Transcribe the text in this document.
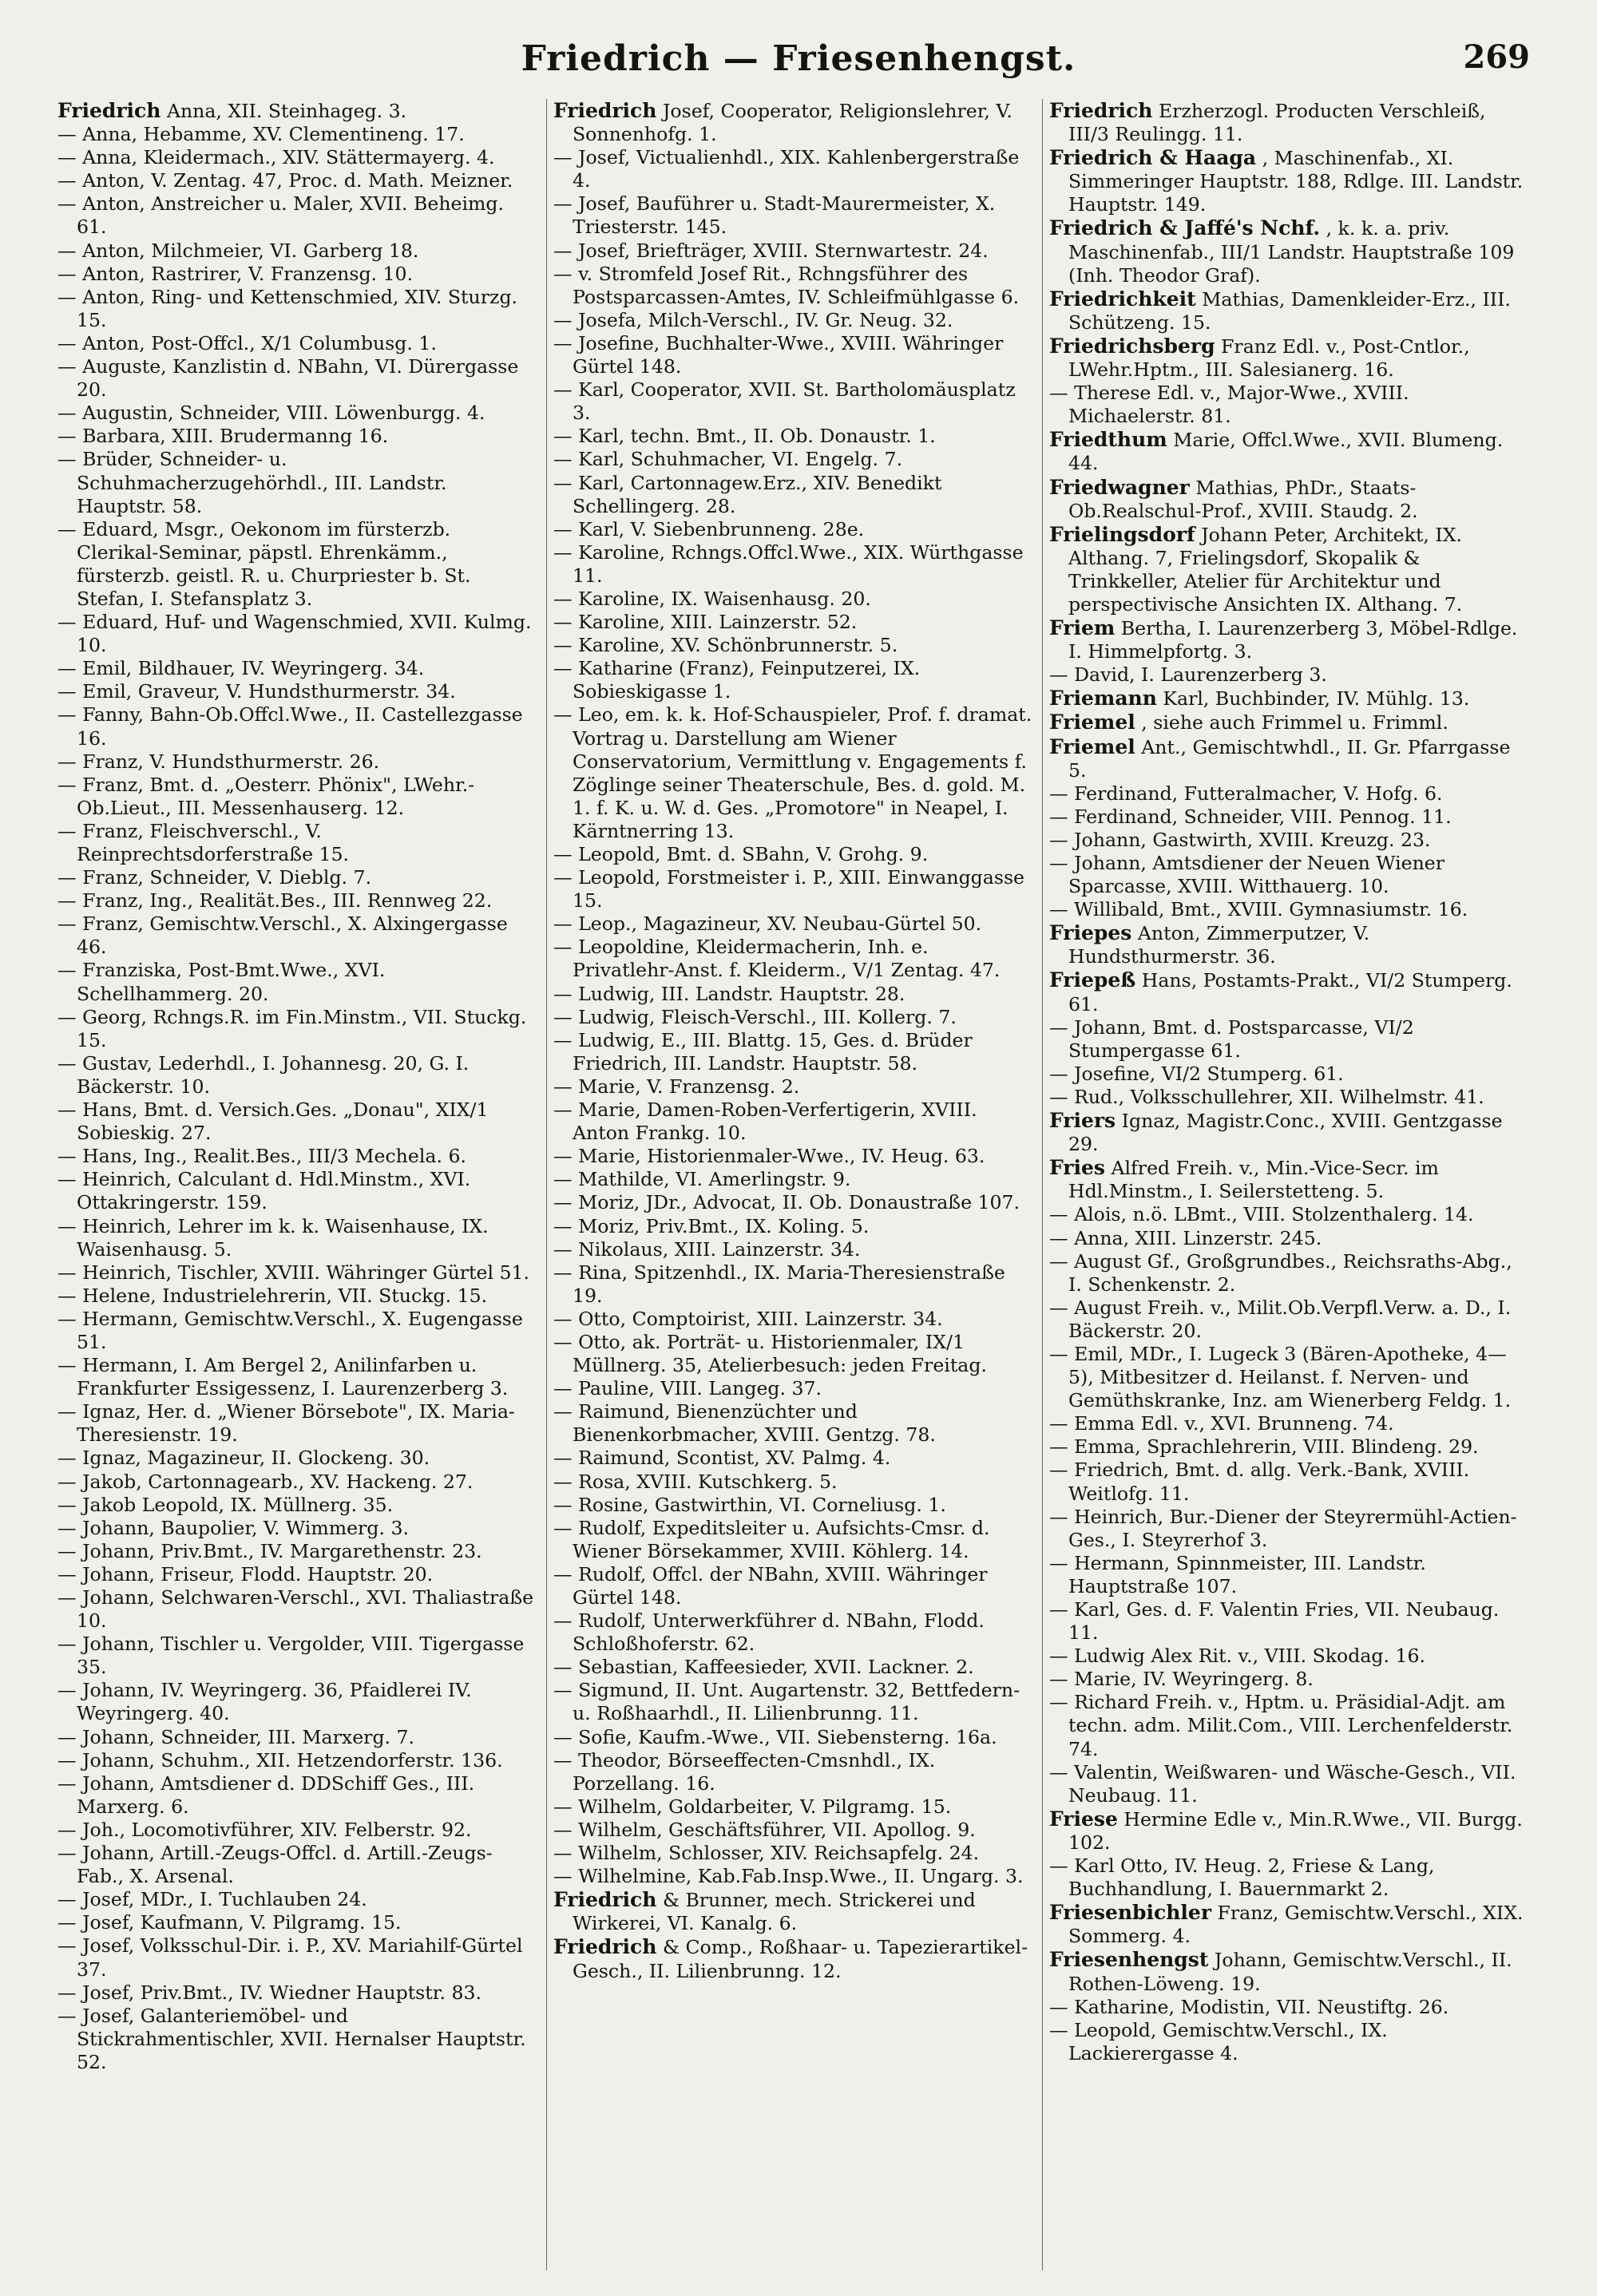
Friedrich — Friesenhengst.	269
Friedrich Anna, XII. Steinhageg. 3.
— Anna, Hebamme, XV. Clementineng. 17.
— Anna, Kleidermach., XIV. Stättermayerg. 4.
— Anton, V. Zentag. 47, Proc. d. Math. Meizner.
— Anton, Anstreicher u. Maler, XVII. Beheimg. 61.
— Anton, Milchmeier, VI. Garberg 18.
— Anton, Rastrirer, V. Franzensg. 10.
— Anton, Ring- und Kettenschmied, XIV. Sturzg. 15.
— Anton, Post-Offcl., X/1 Columbusg. 1.
— Auguste, Kanzlistin d. NBahn, VI. Dürergasse 20.
— Augustin, Schneider, VIII. Löwenburgg. 4.
— Barbara, XIII. Brudermanng 16.
— Brüder, Schneider- u. Schuhmacherzugehörhdl., III. Landstr. Hauptstr. 58.
— Eduard, Msgr., Oekonom im fürsterzb. Clerikal-Seminar, päpstl. Ehrenkämm., fürsterzb. geistl. R. u. Churpriester b. St. Stefan, I. Stefansplatz 3.
— Eduard, Huf- und Wagenschmied, XVII. Kulmg. 10.
— Emil, Bildhauer, IV. Weyringerg. 34.
— Emil, Graveur, V. Hundsthurmerstr. 34.
— Fanny, Bahn-Ob.Offcl.Wwe., II. Castellezgasse 16.
— Franz, V. Hundsthurmerstr. 26.
— Franz, Bmt. d. „Oesterr. Phönix", LWehr.-Ob.Lieut., III. Messenhauserg. 12.
— Franz, Fleischverschl., V. Reinprechtsdorferstraße 15.
— Franz, Schneider, V. Dieblg. 7.
— Franz, Ing., Realität.Bes., III. Rennweg 22.
— Franz, Gemischtw.Verschl., X. Alxingergasse 46.
— Franziska, Post-Bmt.Wwe., XVI. Schellhammerg. 20.
— Georg, Rchngs.R. im Fin.Minstm., VII. Stuckg. 15.
— Gustav, Lederhdl., I. Johannesg. 20, G. I. Bäckerstr. 10.
— Hans, Bmt. d. Versich.Ges. „Donau", XIX/1 Sobieskig. 27.
— Hans, Ing., Realit.Bes., III/3 Mechela. 6.
— Heinrich, Calculant d. Hdl.Minstm., XVI. Ottakringerstr. 159.
— Heinrich, Lehrer im k. k. Waisenhause, IX. Waisenhausg. 5.
— Heinrich, Tischler, XVIII. Währinger Gürtel 51.
— Helene, Industrielehrerin, VII. Stuckg. 15.
— Hermann, Gemischtw.Verschl., X. Eugengasse 51.
— Hermann, I. Am Bergel 2, Anilinfarben u. Frankfurter Essigessenz, I. Laurenzerberg 3.
— Ignaz, Her. d. „Wiener Börsebote", IX. Maria-Theresienstr. 19.
— Ignaz, Magazineur, II. Glockeng. 30.
— Jakob, Cartonnagearb., XV. Hackeng. 27.
— Jakob Leopold, IX. Müllnerg. 35.
— Johann, Baupolier, V. Wimmerg. 3.
— Johann, Priv.Bmt., IV. Margarethenstr. 23.
— Johann, Friseur, Flodd. Hauptstr. 20.
— Johann, Selchwaren-Verschl., XVI. Thaliastraße 10.
— Johann, Tischler u. Vergolder, VIII. Tigergasse 35.
— Johann, IV. Weyringerg. 36, Pfaidlerei IV. Weyringerg. 40.
— Johann, Schneider, III. Marxerg. 7.
— Johann, Schuhm., XII. Hetzendorferstr. 136.
— Johann, Amtsdiener d. DDSchiff Ges., III. Marxerg. 6.
— Joh., Locomotivführer, XIV. Felberstr. 92.
— Johann, Artill.-Zeugs-Offcl. d. Artill.-Zeugs-Fab., X. Arsenal.
— Josef, MDr., I. Tuchlauben 24.
— Josef, Kaufmann, V. Pilgramg. 15.
— Josef, Volksschul-Dir. i. P., XV. Mariahilf-Gürtel 37.
— Josef, Priv.Bmt., IV. Wiedner Hauptstr. 83.
— Josef, Galanteriemöbel- und Stickrahmentischler, XVII. Hernalser Hauptstr. 52.
Friedrich Josef, Cooperator, Religionslehrer, V. Sonnenhofg. 1.
— Josef, Victualienhdl., XIX. Kahlenbergerstraße 4.
— Josef, Bauführer u. Stadt-Maurermeister, X. Triesterstr. 145.
— Josef, Briefträger, XVIII. Sternwartestr. 24.
— v. Stromfeld Josef Rit., Rchngsführer des Postsparcassen-Amtes, IV. Schleifmühlgasse 6.
— Josefa, Milch-Verschl., IV. Gr. Neug. 32.
— Josefine, Buchhalter-Wwe., XVIII. Währinger Gürtel 148.
— Karl, Cooperator, XVII. St. Bartholomäusplatz 3.
— Karl, techn. Bmt., II. Ob. Donaustr. 1.
— Karl, Schuhmacher, VI. Engelg. 7.
— Karl, Cartonnagew.Erz., XIV. Benedikt Schellingerg. 28.
— Karl, V. Siebenbrunneng. 28e.
— Karoline, Rchngs.Offcl.Wwe., XIX. Würthgasse 11.
— Karoline, IX. Waisenhausg. 20.
— Karoline, XIII. Lainzerstr. 52.
— Karoline, XV. Schönbrunnerstr. 5.
— Katharine (Franz), Feinputzerei, IX. Sobieskigasse 1.
— Leo, em. k. k. Hof-Schauspieler, Prof. f. dramat. Vortrag u. Darstellung am Wiener Conservatorium, Vermittlung v. Engagements f. Zöglinge seiner Theaterschule, Bes. d. gold. M. 1. f. K. u. W. d. Ges. „Promotore" in Neapel, I. Kärntnerring 13.
— Leopold, Bmt. d. SBahn, V. Grohg. 9.
— Leopold, Forstmeister i. P., XIII. Einwanggasse 15.
— Leop., Magazineur, XV. Neubau-Gürtel 50.
— Leopoldine, Kleidermacherin, Inh. e. Privatlehr-Anst. f. Kleiderm., V/1 Zentag. 47.
— Ludwig, III. Landstr. Hauptstr. 28.
— Ludwig, Fleisch-Verschl., III. Kollerg. 7.
— Ludwig, E., III. Blattg. 15, Ges. d. Brüder Friedrich, III. Landstr. Hauptstr. 58.
— Marie, V. Franzensg. 2.
— Marie, Damen-Roben-Verfertigerin, XVIII. Anton Frankg. 10.
— Marie, Historienmaler-Wwe., IV. Heug. 63.
— Mathilde, VI. Amerlingstr. 9.
— Moriz, JDr., Advocat, II. Ob. Donaustraße 107.
— Moriz, Priv.Bmt., IX. Koling. 5.
— Nikolaus, XIII. Lainzerstr. 34.
— Rina, Spitzenhdl., IX. Maria-Theresienstraße 19.
— Otto, Comptoirist, XIII. Lainzerstr. 34.
— Otto, ak. Porträt- u. Historienmaler, IX/1 Müllnerg. 35, Atelierbesuch: jeden Freitag.
— Pauline, VIII. Langeg. 37.
— Raimund, Bienenzüchter und Bienenkorbmacher, XVIII. Gentzg. 78.
— Raimund, Scontist, XV. Palmg. 4.
— Rosa, XVIII. Kutschkerg. 5.
— Rosine, Gastwirthin, VI. Corneliusg. 1.
— Rudolf, Expeditsleiter u. Aufsichts-Cmsr. d. Wiener Börsekammer, XVIII. Köhlerg. 14.
— Rudolf, Offcl. der NBahn, XVIII. Währinger Gürtel 148.
— Rudolf, Unterwerkführer d. NBahn, Flodd. Schloßhoferstr. 62.
— Sebastian, Kaffeesieder, XVII. Lackner. 2.
— Sigmund, II. Unt. Augartenstr. 32, Bettfedern- u. Roßhaarhdl., II. Lilienbrunng. 11.
— Sofie, Kaufm.-Wwe., VII. Siebensterng. 16a.
— Theodor, Börseeffecten-Cmsnhdl., IX. Porzellang. 16.
— Wilhelm, Goldarbeiter, V. Pilgramg. 15.
— Wilhelm, Geschäftsführer, VII. Apollog. 9.
— Wilhelm, Schlosser, XIV. Reichsapfelg. 24.
— Wilhelmine, Kab.Fab.Insp.Wwe., II. Ungarg. 3.
Friedrich & Brunner, mech. Strickerei und Wirkerei, VI. Kanalg. 6.
Friedrich & Comp., Roßhaar- u. Tapezierartikel-Gesch., II. Lilienbrunng. 12.
Friedrich Erzherzogl. Producten Verschleiß, III/3 Reulingg. 11.
Friedrich & Haaga , Maschinenfab., XI. Simmeringer Hauptstr. 188, Rdlge. III. Landstr. Hauptstr. 149.
Friedrich & Jaffé's Nchf. , k. k. a. priv. Maschinenfab., III/1 Landstr. Hauptstraße 109 (Inh. Theodor Graf).
Friedrichkeit Mathias, Damenkleider-Erz., III. Schützeng. 15.
Friedrichsberg Franz Edl. v., Post-Cntlor., LWehr.Hptm., III. Salesianerg. 16.
— Therese Edl. v., Major-Wwe., XVIII. Michaelerstr. 81.
Friedthum Marie, Offcl.Wwe., XVII. Blumeng. 44.
Friedwagner Mathias, PhDr., Staats-Ob.Realschul-Prof., XVIII. Staudg. 2.
Frielingsdorf Johann Peter, Architekt, IX. Althang. 7, Frielingsdorf, Skopalik & Trinkkeller, Atelier für Architektur und perspectivische Ansichten IX. Althang. 7.
Friem Bertha, I. Laurenzerberg 3, Möbel-Rdlge. I. Himmelpfortg. 3.
— David, I. Laurenzerberg 3.
Friemann Karl, Buchbinder, IV. Mühlg. 13.
Friemel , siehe auch Frimmel u. Frimml.
Friemel Ant., Gemischtwhdl., II. Gr. Pfarrgasse 5.
— Ferdinand, Futteralmacher, V. Hofg. 6.
— Ferdinand, Schneider, VIII. Pennog. 11.
— Johann, Gastwirth, XVIII. Kreuzg. 23.
— Johann, Amtsdiener der Neuen Wiener Sparcasse, XVIII. Witthauerg. 10.
— Willibald, Bmt., XVIII. Gymnasiumstr. 16.
Friepes Anton, Zimmerputzer, V. Hundsthurmerstr. 36.
Friepeß Hans, Postamts-Prakt., VI/2 Stumperg. 61.
— Johann, Bmt. d. Postsparcasse, VI/2 Stumpergasse 61.
— Josefine, VI/2 Stumperg. 61.
— Rud., Volksschullehrer, XII. Wilhelmstr. 41.
Friers Ignaz, Magistr.Conc., XVIII. Gentzgasse 29.
Fries Alfred Freih. v., Min.-Vice-Secr. im Hdl.Minstm., I. Seilerstetteng. 5.
— Alois, n.ö. LBmt., VIII. Stolzenthalerg. 14.
— Anna, XIII. Linzerstr. 245.
— August Gf., Großgrundbes., Reichsraths-Abg., I. Schenkenstr. 2.
— August Freih. v., Milit.Ob.Verpfl.Verw. a. D., I. Bäckerstr. 20.
— Emil, MDr., I. Lugeck 3 (Bären-Apotheke, 4—5), Mitbesitzer d. Heilanst. f. Nerven- und Gemüthskranke, Inz. am Wienerberg Feldg. 1.
— Emma Edl. v., XVI. Brunneng. 74.
— Emma, Sprachlehrerin, VIII. Blindeng. 29.
— Friedrich, Bmt. d. allg. Verk.-Bank, XVIII. Weitlofg. 11.
— Heinrich, Bur.-Diener der Steyrermühl-Actien-Ges., I. Steyrerhof 3.
— Hermann, Spinnmeister, III. Landstr. Hauptstraße 107.
— Karl, Ges. d. F. Valentin Fries, VII. Neubaug. 11.
— Ludwig Alex Rit. v., VIII. Skodag. 16.
— Marie, IV. Weyringerg. 8.
— Richard Freih. v., Hptm. u. Präsidial-Adjt. am techn. adm. Milit.Com., VIII. Lerchenfelderstr. 74.
— Valentin, Weißwaren- und Wäsche-Gesch., VII. Neubaug. 11.
Friese Hermine Edle v., Min.R.Wwe., VII. Burgg. 102.
— Karl Otto, IV. Heug. 2, Friese & Lang, Buchhandlung, I. Bauernmarkt 2.
Friesenbichler Franz, Gemischtw.Verschl., XIX. Sommerg. 4.
Friesenhengst Johann, Gemischtw.Verschl., II. Rothen-Löweng. 19.
— Katharine, Modistin, VII. Neustiftg. 26.
— Leopold, Gemischtw.Verschl., IX. Lackierergasse 4.
